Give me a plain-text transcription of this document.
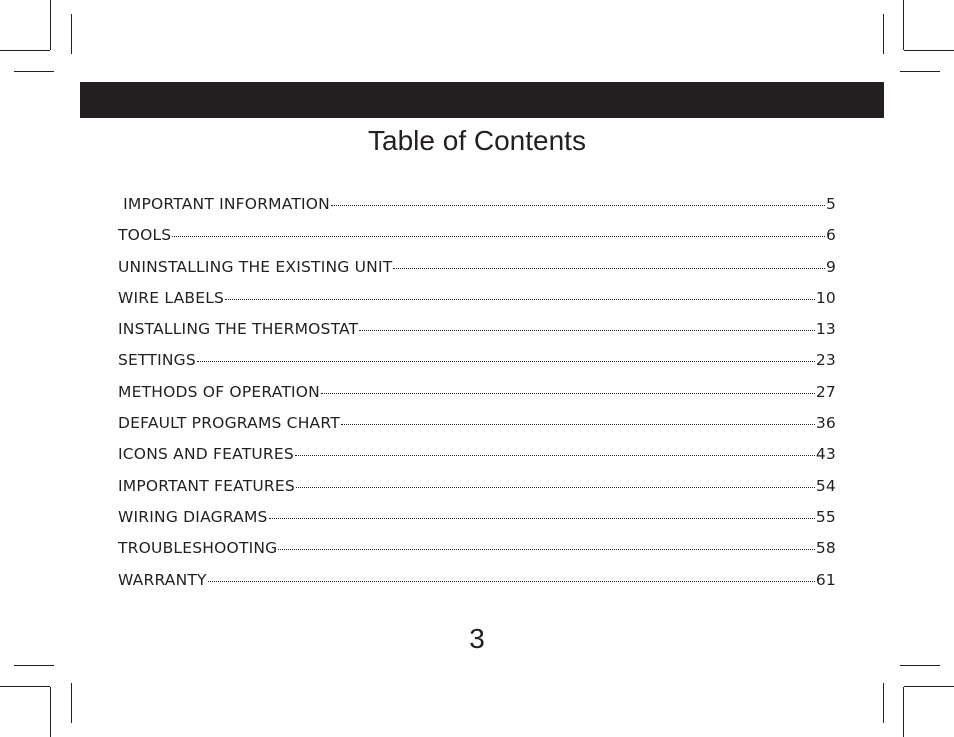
Table of Contents
IMPORTANT INFORMATION	5
TOOLS	6
UNINSTALLING THE EXISTING UNIT	9
WIRE LABELS	10
INSTALLING THE THERMOSTAT	13
SETTINGS	23
METHODS OF OPERATION	27
DEFAULT PROGRAMS CHART	36
ICONS AND FEATURES	43
IMPORTANT FEATURES	54
WIRING DIAGRAMS	55
TROUBLESHOOTING	58
WARRANTY	61
3
